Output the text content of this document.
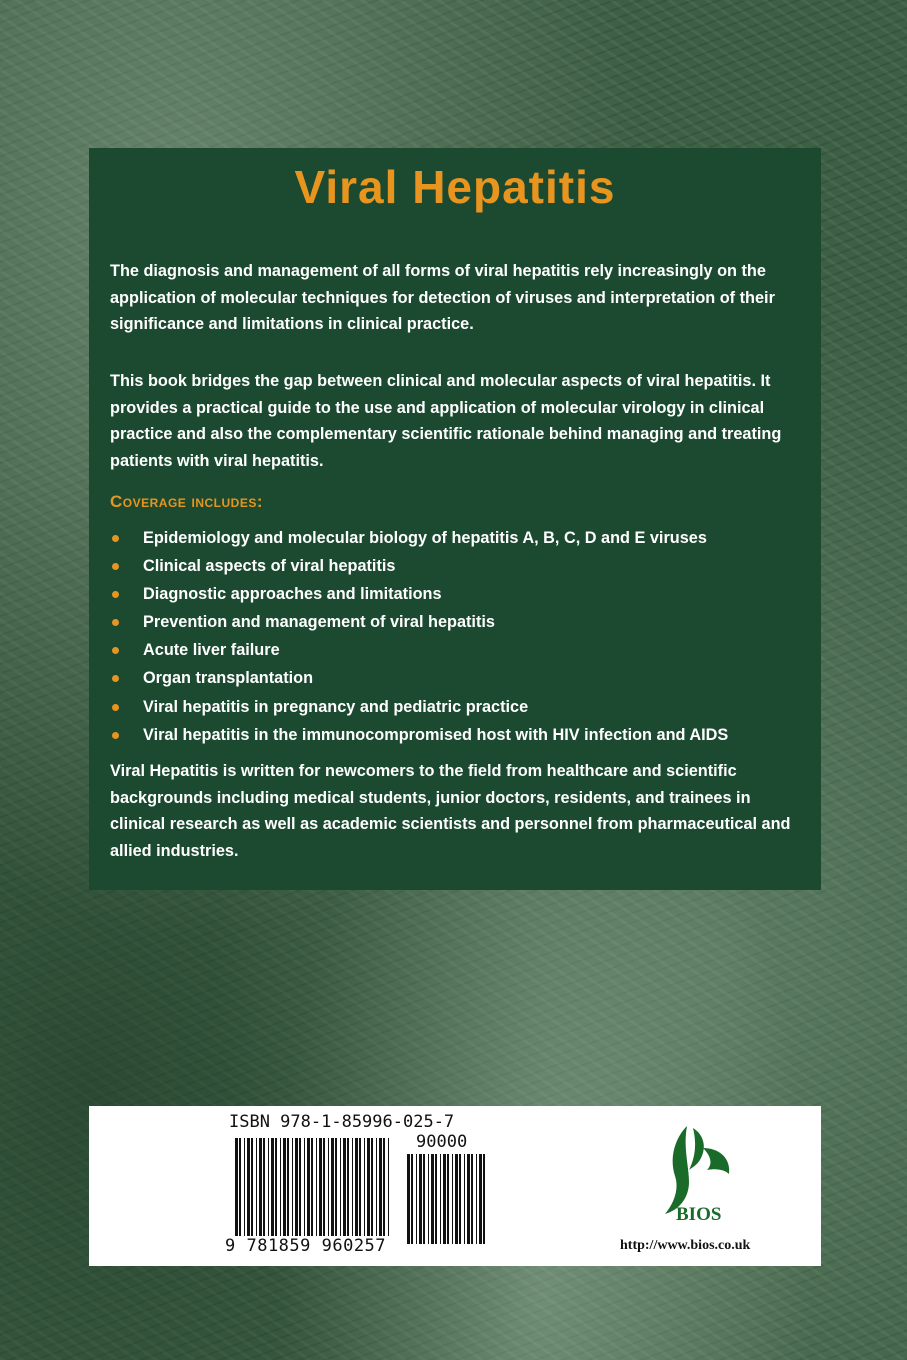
Viral Hepatitis
The diagnosis and management of all forms of viral hepatitis rely increasingly on the application of molecular techniques for detection of viruses and interpretation of their significance and limitations in clinical practice.
This book bridges the gap between clinical and molecular aspects of viral hepatitis. It provides a practical guide to the use and application of molecular virology in clinical practice and also the complementary scientific rationale behind managing and treating patients with viral hepatitis.
Coverage includes:
Epidemiology and molecular biology of hepatitis A, B, C, D and E viruses
Clinical aspects of viral hepatitis
Diagnostic approaches and limitations
Prevention and management of viral hepatitis
Acute liver failure
Organ transplantation
Viral hepatitis in pregnancy and pediatric practice
Viral hepatitis in the immunocompromised host with HIV infection and AIDS
Viral Hepatitis is written for newcomers to the field from healthcare and scientific backgrounds including medical students, junior doctors, residents, and trainees in clinical research as well as academic scientists and personnel from pharmaceutical and allied industries.
ISBN 978-1-85996-025-7
90000
9 781859 960257
BIOS
http://www.bios.co.uk
